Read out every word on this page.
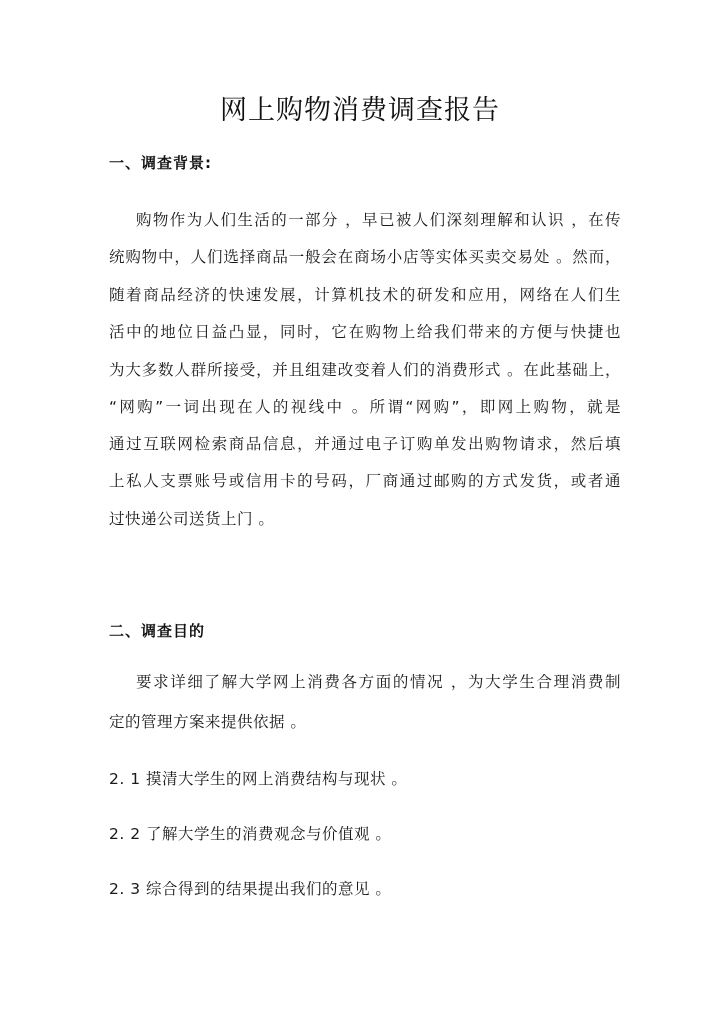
网上购物消费调查报告
一、调查背景:
购物作为人们生活的一部分 ，早已被人们深刻理解和认识 ，在传
统购物中，人们选择商品一般会在商场小店等实体买卖交易处 。然而，
随着商品经济的快速发展，计算机技术的研发和应用，网络在人们生
活中的地位日益凸显，同时，它在购物上给我们带来的方便与快捷也
为大多数人群所接受，并且组建改变着人们的消费形式 。在此基础上，
“网购”一词出现在人的视线中 。所谓“网购”，即网上购物，就是
通过互联网检索商品信息，并通过电子订购单发出购物请求，然后填
上私人支票账号或信用卡的号码，厂商通过邮购的方式发货，或者通
过快递公司送货上门 。
二、调查目的
要求详细了解大学网上消费各方面的情况 ，为大学生合理消费制
定的管理方案来提供依据 。
2. 1 摸清大学生的网上消费结构与现状 。
2. 2 了解大学生的消费观念与价值观 。
2. 3 综合得到的结果提出我们的意见 。
